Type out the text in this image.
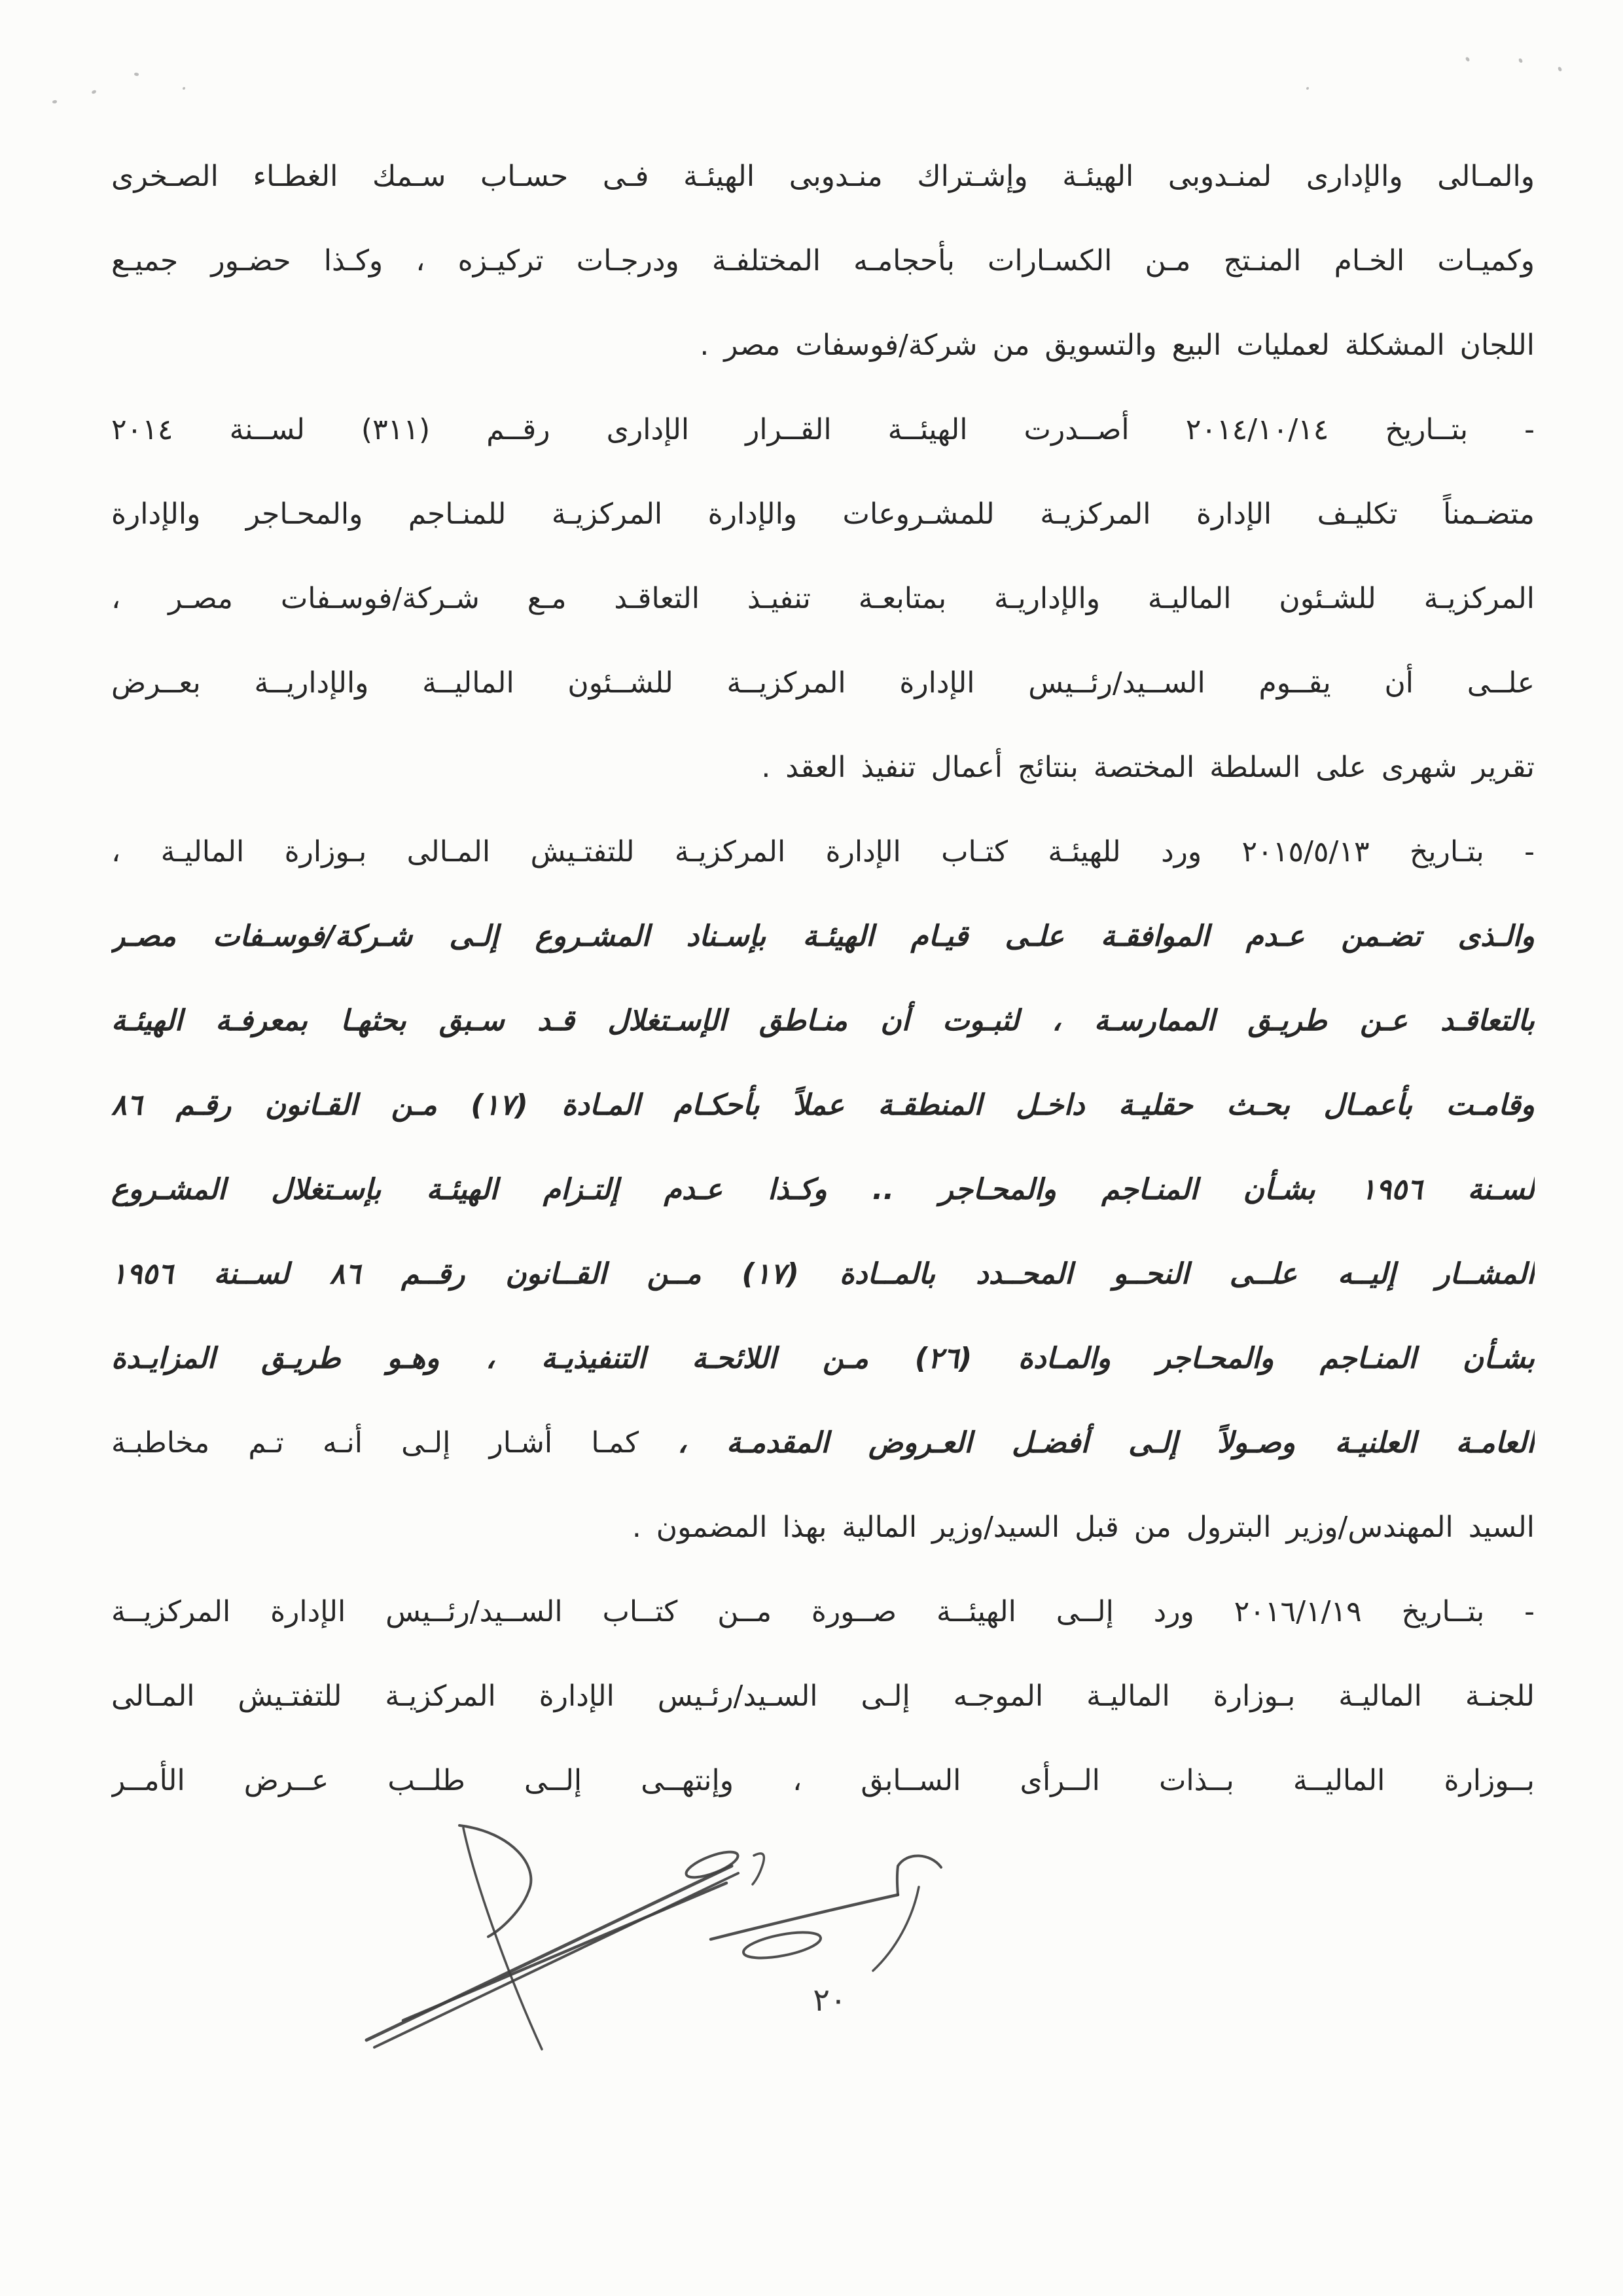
والمـالى والإدارى لمنـدوبى الهيئـة وإشـتراك منـدوبى الهيئـة فـى حسـاب سـمك الغطـاء الصـخرى
وكميـات الخـام المنـتج مـن الكسـارات بأحجامـه المختلفـة ودرجـات تركيـزه ، وكـذا حضـور جميـع
اللجان المشكلة لعمليات البيع والتسويق من شركة/فوسفات مصر .
- بتــاريخ ٢٠١٤/١٠/١٤ أصــدرت الهيئــة القــرار الإدارى رقــم (٣١١) لســنة ٢٠١٤
متضـمناً تكليـف الإدارة المركزيـة للمشـروعات والإدارة المركزيـة للمنـاجم والمحـاجر والإدارة
المركزيـة للشـئون الماليـة والإداريـة بمتابعـة تنفيـذ التعاقـد مـع شـركة/فوسـفات مصـر ،
علــى أن يقــوم الســيد/رئــيس الإدارة المركزيــة للشــئون الماليــة والإداريــة بعــرض
تقرير شهرى على السلطة المختصة بنتائج أعمال تنفيذ العقد .
- بتـاريخ ٢٠١٥/٥/١٣ ورد للهيئـة كتـاب الإدارة المركزيـة للتفتـيش المـالى بـوزارة الماليـة ،
والـذى تضـمن عـدم الموافقـة علـى قيـام الهيئـة بإسـناد المشـروع إلـى شـركة/فوسـفات مصـر
بالتعاقـد عـن طريـق الممارسـة ، لثبـوت أن منـاطق الإسـتغلال قـد سـبق بحثهـا بمعرفـة الهيئـة
وقامـت بأعمـال بحـث حقليـة داخـل المنطقـة عملاً بأحكـام المـادة (١٧) مـن القـانون رقـم ٨٦
لسـنة ١٩٥٦ بشـأن المنـاجم والمحـاجر .. وكـذا عـدم إلتـزام الهيئـة بإسـتغلال المشـروع
المشــار إليــه علــى النحــو المحــدد بالمــادة (١٧) مــن القــانون رقــم ٨٦ لســنة ١٩٥٦
بشـأن المنـاجم والمحـاجر والمـادة (٢٦) مـن اللائحـة التنفيذيـة ، وهـو طريـق المزايـدة
العامـة العلنيـة وصـولاً إلـى أفضـل العـروض المقدمـة ، كمـا أشـار إلـى أنـه تـم مخاطبـة
السيد المهندس/وزير البترول من قبل السيد/وزير المالية بهذا المضمون .
- بتــاريخ ٢٠١٦/١/١٩ ورد إلــى الهيئــة صــورة مــن كتــاب الســيد/رئــيس الإدارة المركزيــة
للجنـة الماليـة بـوزارة الماليـة الموجـه إلـى السـيد/رئـيس الإدارة المركزيـة للتفتـيش المـالى
بــوزارة الماليــة بــذات الــرأى الســابق ، وإنتهــى إلــى طلــب عــرض الأمــر
٢٠
